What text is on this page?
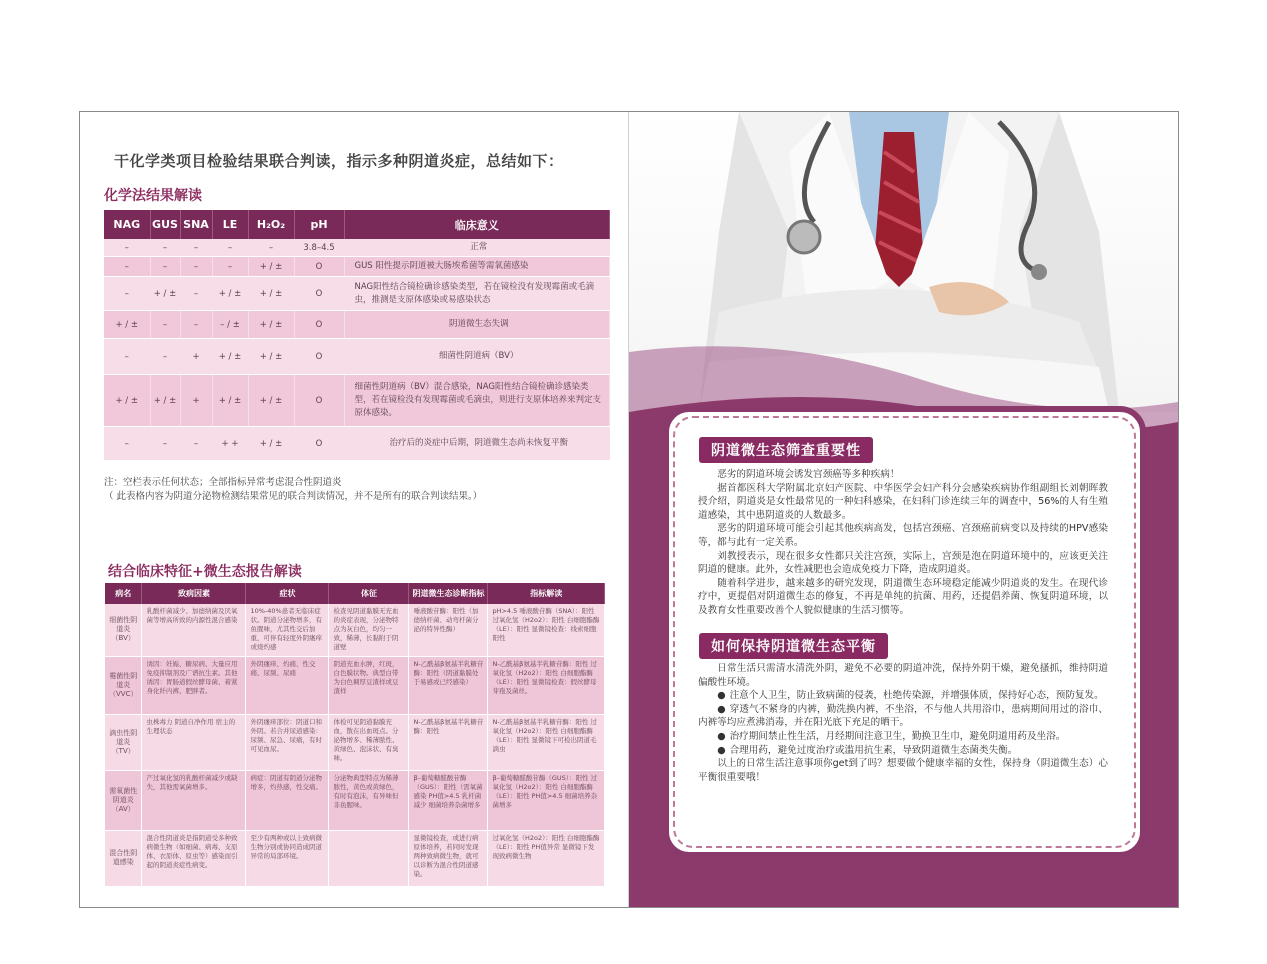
干化学类项目检验结果联合判读，指示多种阴道炎症，总结如下：
化学法结果解读
NAG	GUS	SNA	LE	H₂O₂	pH	临床意义
–	–	–	–	–	3.8–4.5	正常
–	–	–	–	+ / ±	O	GUS 阳性提示阴道被大肠埃希菌等需氧菌感染
–	+ / ±	–	+ / ±	+ / ±	O	NAG阳性结合镜检确诊感染类型，若在镜检没有发现霉菌或毛滴虫，推测是支原体感染或易感染状态
+ / ±	–	–	– / ±	+ / ±	O	阴道微生态失调
–	–	+	+ / ±	+ / ±	O	细菌性阴道病（BV）
+ / ±	+ / ±	+	+ / ±	+ / ±	O	细菌性阴道病（BV）混合感染，NAG阳性结合镜检确诊感染类型，若在镜检没有发现霉菌或毛滴虫，则进行支原体培养来判定支原体感染。
–	–	–	+ +	+ / ±	O	治疗后的炎症中后期，阴道微生态尚未恢复平衡
注：空栏表示任何状态；全部指标异常考虑混合性阴道炎
（ 此表格内容为阴道分泌物检测结果常见的联合判读情况，并不是所有的联合判读结果。）
结合临床特征+微生态报告解读
病名	致病因素	症状	体征	阴道微生态诊断指标	指标解读
细菌性阴道炎（BV）	乳酸杆菌减少、加德纳菌及厌氧菌等增高所致的内源性混合感染	10%-40%患者无临床症状。阴道分泌物增多，有鱼腥味，尤其性交后加重，可伴有轻度外阴瘙痒或烧灼感	检查见阴道黏膜无充血的炎症表现，分泌物特点为灰白色，均匀一致，稀薄，长黏附于阴道壁	唾液酸苷酶：阳性（加德纳杆菌、动弯杆菌分泌的特异性酶）	pH>4.5 唾液酸苷酶（SNA）：阳性 过氧化氢（H2o2）：阳性 白细胞酯酶（LE）：阳性 显微镜检查：线索细胞阳性
霉菌性阴道炎（VVC）	诱因：妊娠、糖尿病、大量应用免疫抑制剂及广谱抗生素。其他诱因：胃肠道假丝酵母菌、着紧身化纤内裤、肥胖者。	外阴瘙痒、灼痛、性交痛、尿频、尿痛	阴道充血水肿，红斑，白色膜状物。典型白带为白色稠厚豆渣样或豆渣样	N-乙酰基β氨基半乳糖苷酶：阳性（阴道黏膜处于易感或已经感染）	N-乙酰基β氨基半乳糖苷酶：阳性 过氧化氢（H2o2）：阳性 白细胞酯酶（LE）：阳性 显微镜检查：假丝酵母芽孢及菌丝。
滴虫性阴道炎（TV）	虫株毒力 阴道自净作用 宿主的生理状态	外阴瘙痒部位：阴道口和外阴。若合并尿道感染：尿频、尿急、尿痛，有时可见血尿。	体检可见阴道黏膜充血，散在出血斑点。分泌物增多、稀薄脓性、黄绿色、泡沫状、有臭味。	N-乙酰基β氨基半乳糖苷酶：阳性	N-乙酰基β氨基半乳糖苷酶：阳性 过氧化氢（H2o2）：阳性 白细胞酯酶（LE）：阳性 显微镜下可检出阴道毛滴虫
需氧菌性阴道炎（AV）	产过氧化氢的乳酸杆菌减少或缺失，其他需氧菌增多。	病症：阴道有阴道分泌物增多，灼热感，性交痛。	分泌物典型特点为稀薄脓性，黄色或黄绿色，有时有泡沫，有异味但非鱼腥味。	β–葡萄糖醛酸苷酶（GUS）：阳性（需氧菌感染 PH值>4.5 乳杆菌减少 细菌培养杂菌增多	β–葡萄糖醛酸苷酶（GUS）：阳性 过氧化氢（H2o2）：阳性 白细胞酯酶（LE）：阳性 PH值>4.5 细菌培养杂菌增多
混合性阴道感染	混合性阴道炎是指阴道受多种致病微生物（如细菌、病毒、支原体、衣原体、原虫等）感染而引起的阴道炎症性病变。	至少有两种或以上致病微生物分别或协同造成阴道异常的局部环境。		显微镜检查，或进行病原体培养，若同时发现两种致病微生物，就可以诊断为混合性阴道感染。	过氧化氢（H2o2）：阳性 白细胞酯酶（LE）：阳性 PH值异常 显微镜下发现致病微生物
阴道微生态筛查重要性

恶劣的阴道环境会诱发宫颈癌等多种疾病！

据首都医科大学附属北京妇产医院、中华医学会妇产科分会感染疾病协作组副组长刘朝晖教授介绍，阴道炎是女性最常见的一种妇科感染，在妇科门诊连续三年的调查中，56%的人有生殖道感染，其中患阴道炎的人数最多。

恶劣的阴道环境可能会引起其他疾病高发，包括宫颈癌、宫颈癌前病变以及持续的HPV感染等，都与此有一定关系。

刘教授表示，现在很多女性都只关注宫颈，实际上，宫颈是泡在阴道环境中的，应该更关注阴道的健康。此外，女性减肥也会造成免疫力下降，造成阴道炎。

随着科学进步，越来越多的研究发现，阴道微生态环境稳定能减少阴道炎的发生。在现代诊疗中，更提倡对阴道微生态的修复，不再是单纯的抗菌、用药，还提倡养菌、恢复阴道环境，以及教育女性重要改善个人貌似健康的生活习惯等。

如何保持阴道微生态平衡

日常生活只需清水清洗外阴，避免不必要的阴道冲洗，保持外阴干燥，避免搔抓，维持阴道偏酸性环境。

● 注意个人卫生，防止致病菌的侵袭，杜绝传染源，并增强体质，保持好心态，预防复发。

● 穿透气不紧身的内裤，勤洗换内裤，不坐浴，不与他人共用浴巾，患病期间用过的浴巾、内裤等均应煮沸消毒，并在阳光底下充足的晒干。

● 治疗期间禁止性生活，月经期间注意卫生，勤换卫生巾，避免阴道用药及坐浴。

● 合理用药，避免过度治疗或滥用抗生素，导致阴道微生态菌类失衡。

以上的日常生活注意事项你get到了吗？想要做个健康幸福的女性，保持身（阴道微生态）心平衡很重要哦！
